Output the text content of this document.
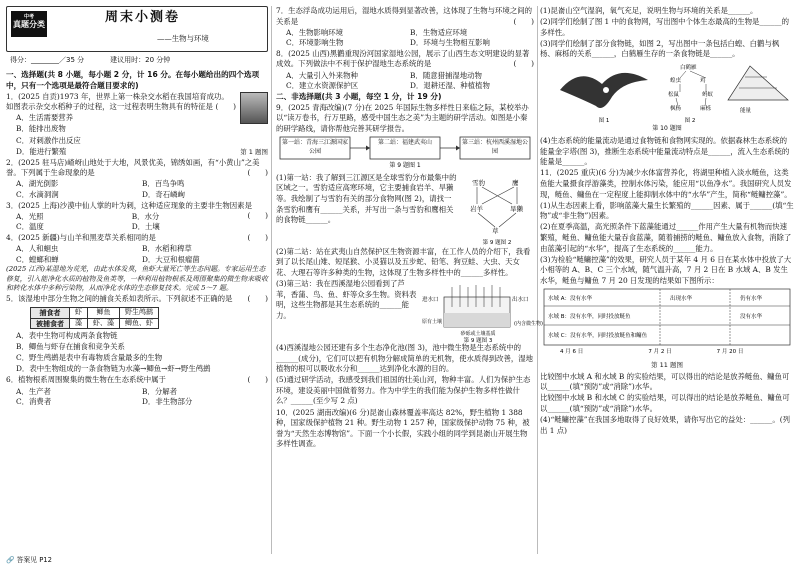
中考
真题分类	周末小测卷
——生物与环境
得分：________／35 分	建议用时：20 分钟

一、选择题(共 8 小题，每小题 2 分，计 16 分。在每小题给出的四个选项中，只有一个选项是最符合题目要求的)

1．(2025 自贡)1973 年，世界上第一株杂交水稻在我国培育成功。如图表示杂交水稻种子的过程，这一过程表明生物具有的特征是 (　　)

A．生活需要营养

B．能排出废物

C．对刺激作出反应

D．能进行繁殖	第 1 题图

2．(2025 驻马店)嵖岈山地处于大地，风景优美，锦绣如画，有“小黄山”之美誉。下列属于生命现象的是	(　　)

A．湖光倒影	B．百鸟争鸣
C．水滴洞涧	D．奇石嶙峋

3．(2025 上海)沙漠中仙人掌的叶为刺，这种适应现象的主要非生物因素是
(　　)

A．光照	B．水分
C．温度	D．土壤

4．(2025 新疆)与山羊和黑麦草关系相同的是	(　　)

A．人和蛔虫	B．水稻和稗草
C．螳螂和蝉	D．大豆和根瘤菌

(2025 江西)某湿地为荒芜，由此水体发臭，鱼虾大量死亡等生态问题。专家运用生态修复，引入能净化水质的植物及鱼类等，一种利用植物根系及周围聚集的微生物来吸收和转化水体中多种污染物，从而净化水体的生态修复技术。完成 5～7 题。

5．该湿地中部分生物之间的捕食关系如表所示。下列叙述不正确的是 (　　)

捕食者	虾	鲫鱼	野生鸬鹚
被捕食者	藻	虾、藻	鲫鱼、虾

A．表中生物可构成两条食物链

B．鲫鱼与虾存在捕食和竞争关系

C．野生鸬鹚是表中有毒物质含量最多的生物

D．表中生物组成的一条食物链为水藻→鲫鱼→虾→野生鸬鹚

6．植物根系周围聚集的微生物在生态系统中属于	(　　)

A．生产者	B．分解者
C．消费者	D．非生物部分
🔗 答案见 P12

7．生态浮岛成功运用后，湿地水质得到显著改善，这体现了生物与环境之间的关系是	(　　)

A．生物影响环境	B．生物适应环境
C．环境影响生物	D．环境与生物相互影响

8．(2025 山西)黑鹳重现汾河国家湿地公园，展示了山西生态文明建设的显著成效。下列做法中不利于保护湿地生态系统的是	(　　)

A．大量引入外来物种	B．随意猎捕湿地动物
C．建立水资源保护区	D．退耕还湿、种植植物

二、非选择题(共 3 小题，每空 1 分，计 19 分)

9．(2025 青海改编)(7 分)在 2025 年国际生物多样性日来临之际，某校举办以“读万卷书，行万里路，感受中国生态之美”为主题的研学活动。如图是小秦的研学路线，请你帮他完善其研学报告。

第一站：青海三江源国家公园
第二站：福建武夷山	第三站：杭州西溪湿地公园
第 9 题图 1

(1)第一站：我了解到三江源区是全球雪豹分布最集中的区域之一。雪豹适应高寒环境，它主要捕食岩羊、旱獭等。我绘制了与雪豹有关的部分食物网(图 2)，请找一条雪豹和鹰有______关系，并写出一条与雪豹和鹰相关的食物链______。

雪豹	鹰
岩羊	旱獭
草
第 9 题图 2

(2)第二站：站在武夷山自然保护区生物资源丰富，在工作人员的介绍下，我看到了以长尾山雉、短尾猴、小灵猫以及五步蛇、铅笔、狗豆蛙、大虫、天女花、大理石等许多种类的生物，这体现了生物多样性中的______多样性。

(3)第三站：我在西溪湿地公园看到了芦苇，香蒲、鸟、鱼、虾等众多生物。资料表明，这些生物都是其生态系统的______能力。

进水口	出水口
砂砾或土壤基质
(内含微生物)
原有土壤
第 9 题图 3

(4)西溪湿地公园还建有多个生态净化池(图 3)，池中微生物是生态系统中的______(成分)，它们可以把有机物分解成简单的无机物，使水质得到改善，湿地植物的根可以吸收水分和______达到净化水源的目的。

(5)通过研学活动，我感受到我们祖国的壮美山河，物种丰富。人们为保护生态环境，建设美丽中国做着努力。作为中学生的我们能为保护生物多样性做什么？______(至少写 2 点)

10．(2025 湖南改编)(6 分)昆嵛山森林覆盖率高达 82%，野生植物 1 388 种，国家级保护植物 21 种。野生动物 1 257 种，国家级保护动物 75 种，被誉为“天然生态博物馆”。下面一个小长假，实践小组的同学到昆嵛山开展生物多样性调查。

(1)昆嵛山空气湿润，氧气充足，说明生物与环境的关系是______。

(2)同学们绘制了图 1 中的食物网，写出图中个体生态最高的生物是______的多样性。

(3)同学们绘制了部分食物链，如图 2，写出图中一条包括白蝗、白鹳与枫杨、麻栎的关系______，白鹤雁生存的一条食物链是______。

图 1
白鹤雁
蝗虫	鸡
松鼠	蚂蚁
枫杨	麻栎
图 2
能量
第 10 题图

(4)生态系统的能量流动是通过食物链和食物网实现的。依据森林生态系统的能量金字塔(图 3)，推断生态系统中能量流动特点是______，流入生态系统的能量是______。

11．(2025 重庆)(6 分)为减少水体富营养化，将湖里种植入淡水鲢鱼，这类鱼能大量摄食浮游藻类，控制水体污染，能应用“以鱼净水”。我国研究人员发现，鲢鱼、鳙鱼在一定程度上能抑制水体中的“水华”产生，简称“鲢鳙控藻”。

(1)从生态因素上看，影响蓝藻大量生长繁殖的______因素、属于______(填“生物”或“非生物”)因素。

(2)在夏季高温，高光照条件下蓝藻能通过______作用产生大量有机物而快速繁殖，鲢鱼、鳙鱼能大量吞食蓝藻，随着捕捞的鲢鱼、鳙鱼放入食物，消除了由蓝藻引起的“水华”，提高了生态系统的______能力。

(3)为检验“鲢鳙控藻”的效果，研究人员于某年 4 月 6 日在某水体中投放了大小相等的 A、B、C 三个水域，随气温升高，7 月 2 日在 B 水域 A、B 发生水华，鲢鱼与鳙鱼 7 月 20 日发现的结果如下图所示：

水域 A：没有水华
水域 B：没有水华，同时投放鲢鱼
水域 C：没有水华，同时投放鲢鱼和鳙鱼
出现水华	仍有水华
没有水华
7 月 2 日
4 月 6 日	7 月 20 日

第 11 题图

比较图中水域 A 和水域 B 的实验结果，可以得出的结论是放养鲢鱼、鳙鱼可以______(填“预防”或“消除”)水华。

比较图中水域 B 和水域 C 的实验结果，可以得出的结论是放养鲢鱼、鳙鱼可以______(填“预防”或“消除”)水华。

(4)“鲢鳙控藻”在我国多地取得了良好效果，请你写出它的益处：______。(列出 1 点)
